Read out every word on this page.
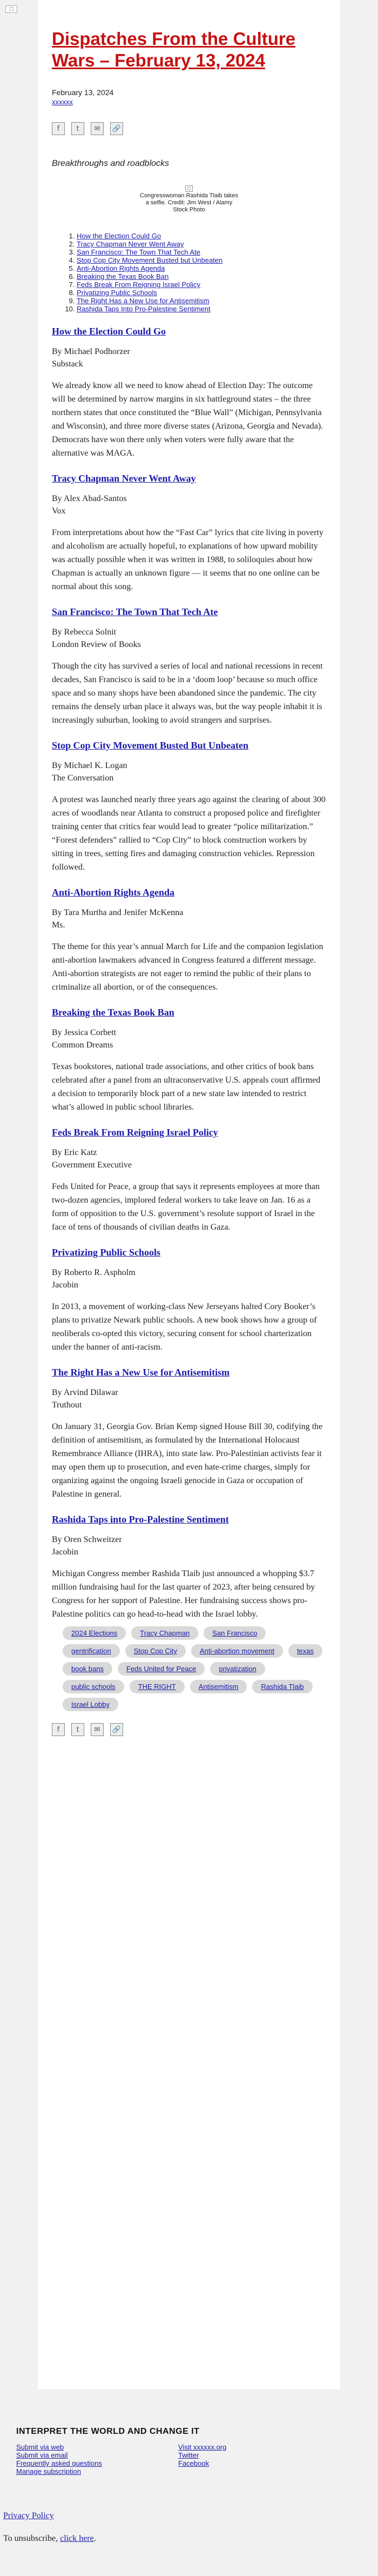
▢
Dispatches From the Culture Wars – February 13, 2024
February 13, 2024
xxxxxx
f	t	✉	🔗
Breakthroughs and roadblocks
▢
Congresswoman Rashida Tlaib takes a selfie. Credit: Jim West / Alamy Stock Photo
1. How the Election Could Go
2. Tracy Chapman Never Went Away
3. San Francisco: The Town That Tech Ate
4. Stop Cop City Movement Busted but Unbeaten
5. Anti-Abortion Rights Agenda
6. Breaking the Texas Book Ban
7. Feds Break From Reigning Israel Policy
8. Privatizing Public Schools
9. The Right Has a New Use for Antisemitism
10. Rashida Taps Into Pro-Palestine Sentiment
How the Election Could Go
By Michael Podhorzer
Substack

We already know all we need to know ahead of Election Day: The outcome will be determined by narrow margins in six battleground states – the three northern states that once constituted the “Blue Wall” (Michigan, Pennsylvania and Wisconsin), and three more diverse states (Arizona, Georgia and Nevada). Democrats have won there only when voters were fully aware that the alternative was MAGA.

Tracy Chapman Never Went Away
By Alex Abad-Santos
Vox

From interpretations about how the “Fast Car” lyrics that cite living in poverty and alcoholism are actually hopeful, to explanations of how upward mobility was actually possible when it was written in 1988, to soliloquies about how Chapman is actually an unknown figure — it seems that no one online can be normal about this song.

San Francisco: The Town That Tech Ate
By Rebecca Solnit
London Review of Books

Though the city has survived a series of local and national recessions in recent decades, San Francisco is said to be in a ‘doom loop’ because so much office space and so many shops have been abandoned since the pandemic. The city remains the densely urban place it always was, but the way people inhabit it is increasingly suburban, looking to avoid strangers and surprises.

Stop Cop City Movement Busted But Unbeaten
By Michael K. Logan
The Conversation

A protest was launched nearly three years ago against the clearing of about 300 acres of woodlands near Atlanta to construct a proposed police and firefighter training center that critics fear would lead to greater “police militarization.” “Forest defenders” rallied to “Cop City” to block construction workers by sitting in trees, setting fires and damaging construction vehicles. Repression followed.

Anti-Abortion Rights Agenda
By Tara Murtha and Jenifer McKenna
Ms.

The theme for this year’s annual March for Life and the companion legislation anti-abortion lawmakers advanced in Congress featured a different message. Anti-abortion strategists are not eager to remind the public of their plans to criminalize all abortion, or of the consequences.

Breaking the Texas Book Ban
By Jessica Corbett
Common Dreams

Texas bookstores, national trade associations, and other critics of book bans celebrated after a panel from an ultraconservative U.S. appeals court affirmed a decision to temporarily block part of a new state law intended to restrict what’s allowed in public school libraries.

Feds Break From Reigning Israel Policy
By Eric Katz
Government Executive

Feds United for Peace, a group that says it represents employees at more than two-dozen agencies, implored federal workers to take leave on Jan. 16 as a form of opposition to the U.S. government’s resolute support of Israel in the face of tens of thousands of civilian deaths in Gaza.

Privatizing Public Schools
By Roberto R. Aspholm
Jacobin

In 2013, a movement of working-class New Jerseyans halted Cory Booker’s plans to privatize Newark public schools. A new book shows how a group of neoliberals co-opted this victory, securing consent for school charterization under the banner of anti-racism.

The Right Has a New Use for Antisemitism
By Arvind Dilawar
Truthout

On January 31, Georgia Gov. Brian Kemp signed House Bill 30, codifying the definition of antisemitism, as formulated by the International Holocaust Remembrance Alliance (IHRA), into state law. Pro-Palestinian activists fear it may open them up to prosecution, and even hate-crime charges, simply for organizing against the ongoing Israeli genocide in Gaza or occupation of Palestine in general.

Rashida Taps into Pro-Palestine Sentiment
By Oren Schweitzer
Jacobin

Michigan Congress member Rashida Tlaib just announced a whopping $3.7 million fundraising haul for the last quarter of 2023, after being censured by Congress for her support of Palestine. Her fundraising success shows pro-Palestine politics can go head-to-head with the Israel lobby.

2024 Elections	Tracy Chapman	San Francisco
gentrification	Stop Cop City	Anti-abortion movement	texas
book bans	Feds United for Peace	privatization
public schools	THE RIGHT	Antisemitism	Rashida Tlaib
Israel Lobby
f	t	✉	🔗
INTERPRET THE WORLD AND CHANGE IT
Submit via web
Submit via email
Frequently asked questions
Manage subscription
Visit xxxxxx.org
Twitter
Facebook
Privacy Policy
To unsubscribe, click here.
